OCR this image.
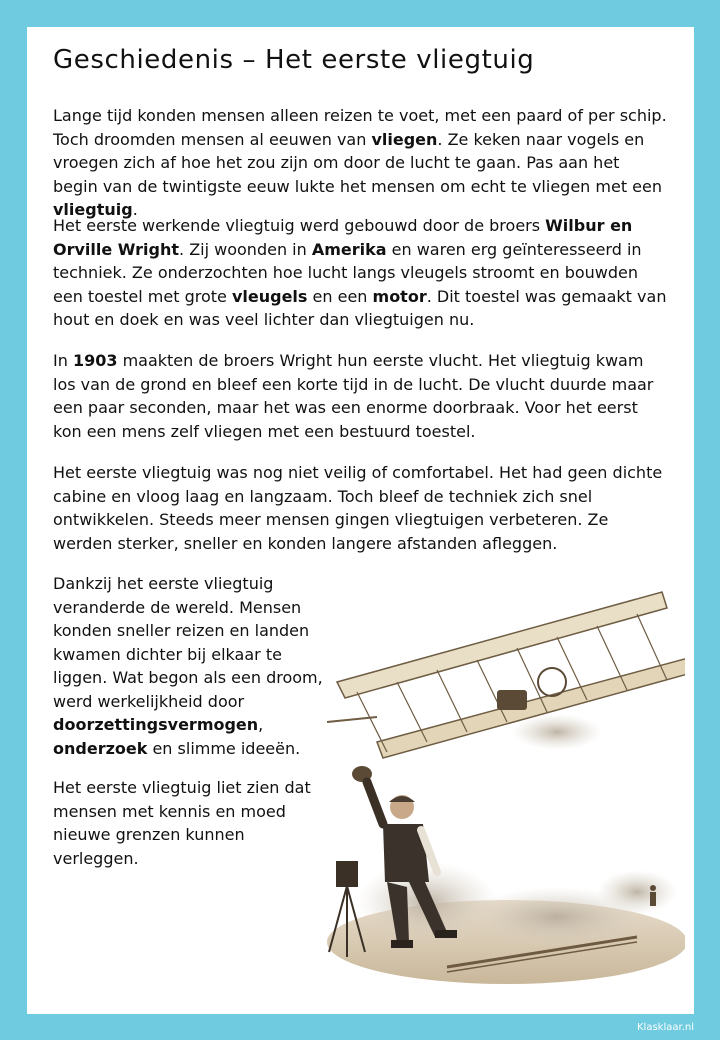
Geschiedenis – Het eerste vliegtuig

Lange tijd konden mensen alleen reizen te voet, met een paard of per schip. Toch droomden mensen al eeuwen van vliegen. Ze keken naar vogels en vroegen zich af hoe het zou zijn om door de lucht te gaan. Pas aan het begin van de twintigste eeuw lukte het mensen om echt te vliegen met een vliegtuig.

Het eerste werkende vliegtuig werd gebouwd door de broers Wilbur en Orville Wright. Zij woonden in Amerika en waren erg geïnteresseerd in techniek. Ze onderzochten hoe lucht langs vleugels stroomt en bouwden een toestel met grote vleugels en een motor. Dit toestel was gemaakt van hout en doek en was veel lichter dan vliegtuigen nu.

In 1903 maakten de broers Wright hun eerste vlucht. Het vliegtuig kwam los van de grond en bleef een korte tijd in de lucht. De vlucht duurde maar een paar seconden, maar het was een enorme doorbraak. Voor het eerst kon een mens zelf vliegen met een bestuurd toestel.

Het eerste vliegtuig was nog niet veilig of comfortabel. Het had geen dichte cabine en vloog laag en langzaam. Toch bleef de techniek zich snel ontwikkelen. Steeds meer mensen gingen vliegtuigen verbeteren. Ze werden sterker, sneller en konden langere afstanden afleggen.

Dankzij het eerste vliegtuig veranderde de wereld. Mensen konden sneller reizen en landen kwamen dichter bij elkaar te liggen. Wat begon als een droom, werd werkelijkheid door doorzettingsvermogen, onderzoek en slimme ideeën.

Het eerste vliegtuig liet zien dat mensen met kennis en moed nieuwe grenzen kunnen verleggen.

Klasklaar.nl
